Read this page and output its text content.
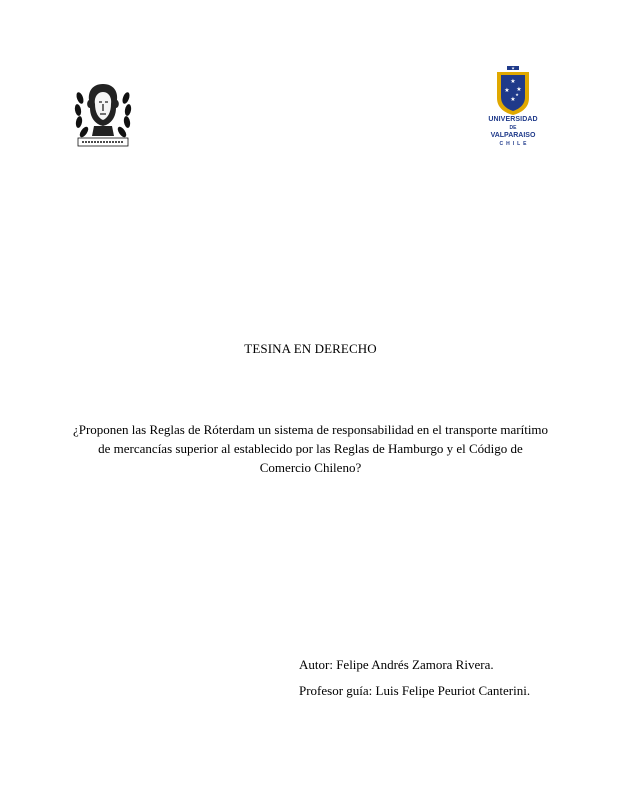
★
★
★ ★
★
★
UNIVERSIDAD
DE
VALPARAISO
CHILE
TESINA EN DERECHO
¿Proponen las Reglas de Róterdam un sistema de responsabilidad en el transporte marítimo
de mercancías superior al establecido por las Reglas de Hamburgo y el Código de
Comercio Chileno?
Autor: Felipe Andrés Zamora Rivera.
Profesor guía: Luis Felipe Peuriot Canterini.
